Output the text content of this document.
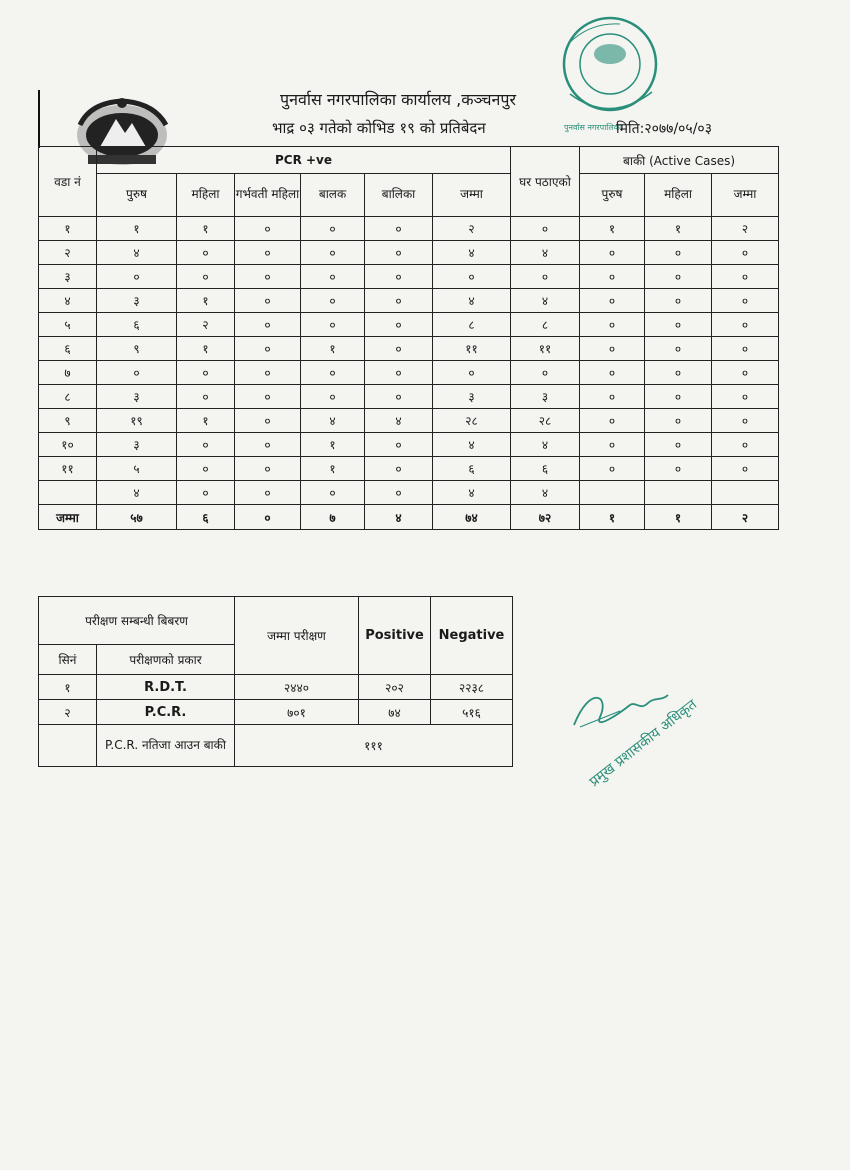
पुनर्वास नगरपालिका कार्यालय ,कञ्चनपुर
भाद्र ०३ गतेको कोभिड १९ को प्रतिबेदन	पुनर्वास नगरपालिका
मिति:२०७७/०५/०३
वडा नं	PCR +ve						घर पठाएको	बाकी (Active Cases)		
	पुरुष	महिला	गर्भवती महिला	बालक	बालिका	जम्मा		पुरुष	महिला	जम्मा
१	१	१	०	०	०	२	०	१	१	२
२	४	०	०	०	०	४	४	०	०	०
३	०	०	०	०	०	०	०	०	०	०
४	३	१	०	०	०	४	४	०	०	०
५	६	२	०	०	०	८	८	०	०	०
६	९	१	०	१	०	११	११	०	०	०
७	०	०	०	०	०	०	०	०	०	०
८	३	०	०	०	०	३	३	०	०	०
९	१९	१	०	४	४	२८	२८	०	०	०
१०	३	०	०	१	०	४	४	०	०	०
११	५	०	०	१	०	६	६	०	०	०
	४	०	०	०	०	४	४			
जम्मा	५७	६	०	७	४	७४	७२	१	१	२
परीक्षण सम्बन्धी बिबरण		जम्मा परीक्षण	Positive	Negative
सिनं	परीक्षणको प्रकार			
१	R.D.T.	२४४०	२०२	२२३८
२	P.C.R.	७०१	७४	५१६
	P.C.R. नतिजा आउन बाकी	१११			प्रमुख प्रशासकीय अधिकृत
